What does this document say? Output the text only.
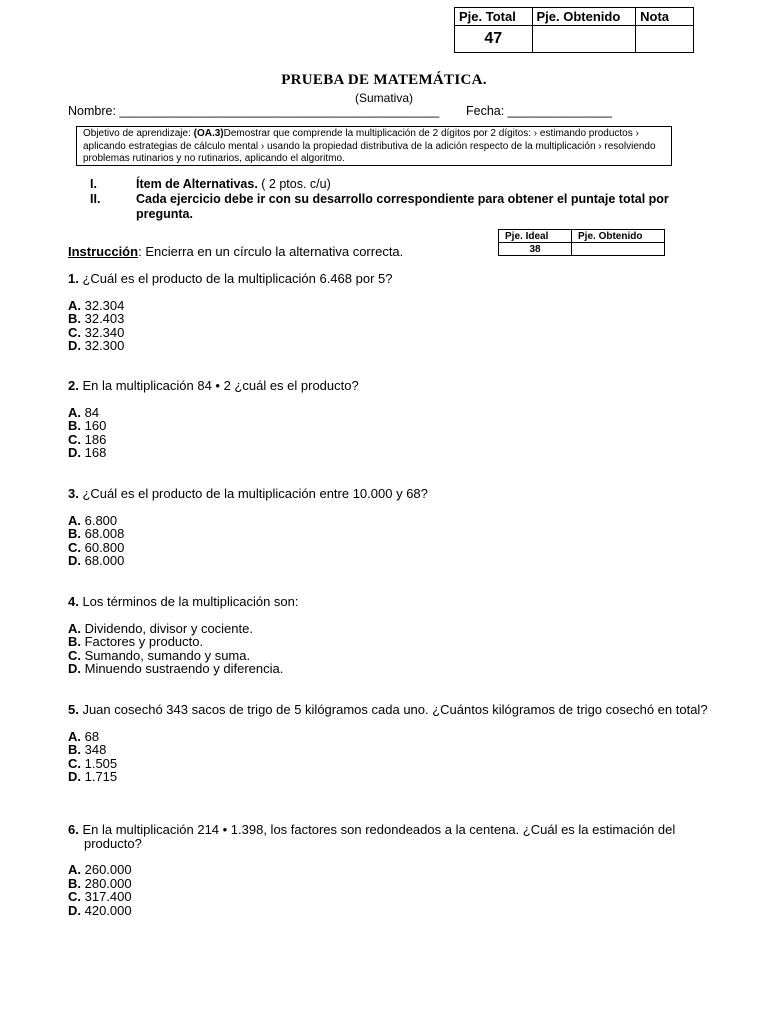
Pje. Total	Pje. Obtenido	Nota
47		
PRUEBA DE MATEMÁTICA.
(Sumativa)
Nombre: ______________________________________________ Fecha: _______________
Objetivo de aprendizaje: (OA.3)Demostrar que comprende la multiplicación de 2 dígitos por 2 dígitos: › estimando productos › aplicando estrategias de cálculo mental › usando la propiedad distributiva de la adición respecto de la multiplicación › resolviendo problemas rutinarios y no rutinarios, aplicando el algoritmo.
I.	Ítem de Alternativas. ( 2 ptos. c/u)
II.	Cada ejercicio debe ir con su desarrollo correspondiente para obtener el puntaje total por pregunta.
Pje. Ideal	Pje. Obtenido
38	
Instrucción: Encierra en un círculo la alternativa correcta.
1. ¿Cuál es el producto de la multiplicación 6.468 por 5?
A. 32.304
B. 32.403
C. 32.340
D. 32.300
2. En la multiplicación 84 • 2 ¿cuál es el producto?
A. 84
B. 160
C. 186
D. 168
3. ¿Cuál es el producto de la multiplicación entre 10.000 y 68?
A. 6.800
B. 68.008
C. 60.800
D. 68.000
4. Los términos de la multiplicación son:
A. Dividendo, divisor y cociente.
B. Factores y producto.
C. Sumando, sumando y suma.
D. Minuendo sustraendo y diferencia.
5. Juan cosechó 343 sacos de trigo de 5 kilógramos cada uno. ¿Cuántos kilógramos de trigo cosechó en total?
A. 68
B. 348
C. 1.505
D. 1.715
6. En la multiplicación 214 • 1.398, los factores son redondeados a la centena. ¿Cuál es la estimación del producto?
A. 260.000
B. 280.000
C. 317.400
D. 420.000
